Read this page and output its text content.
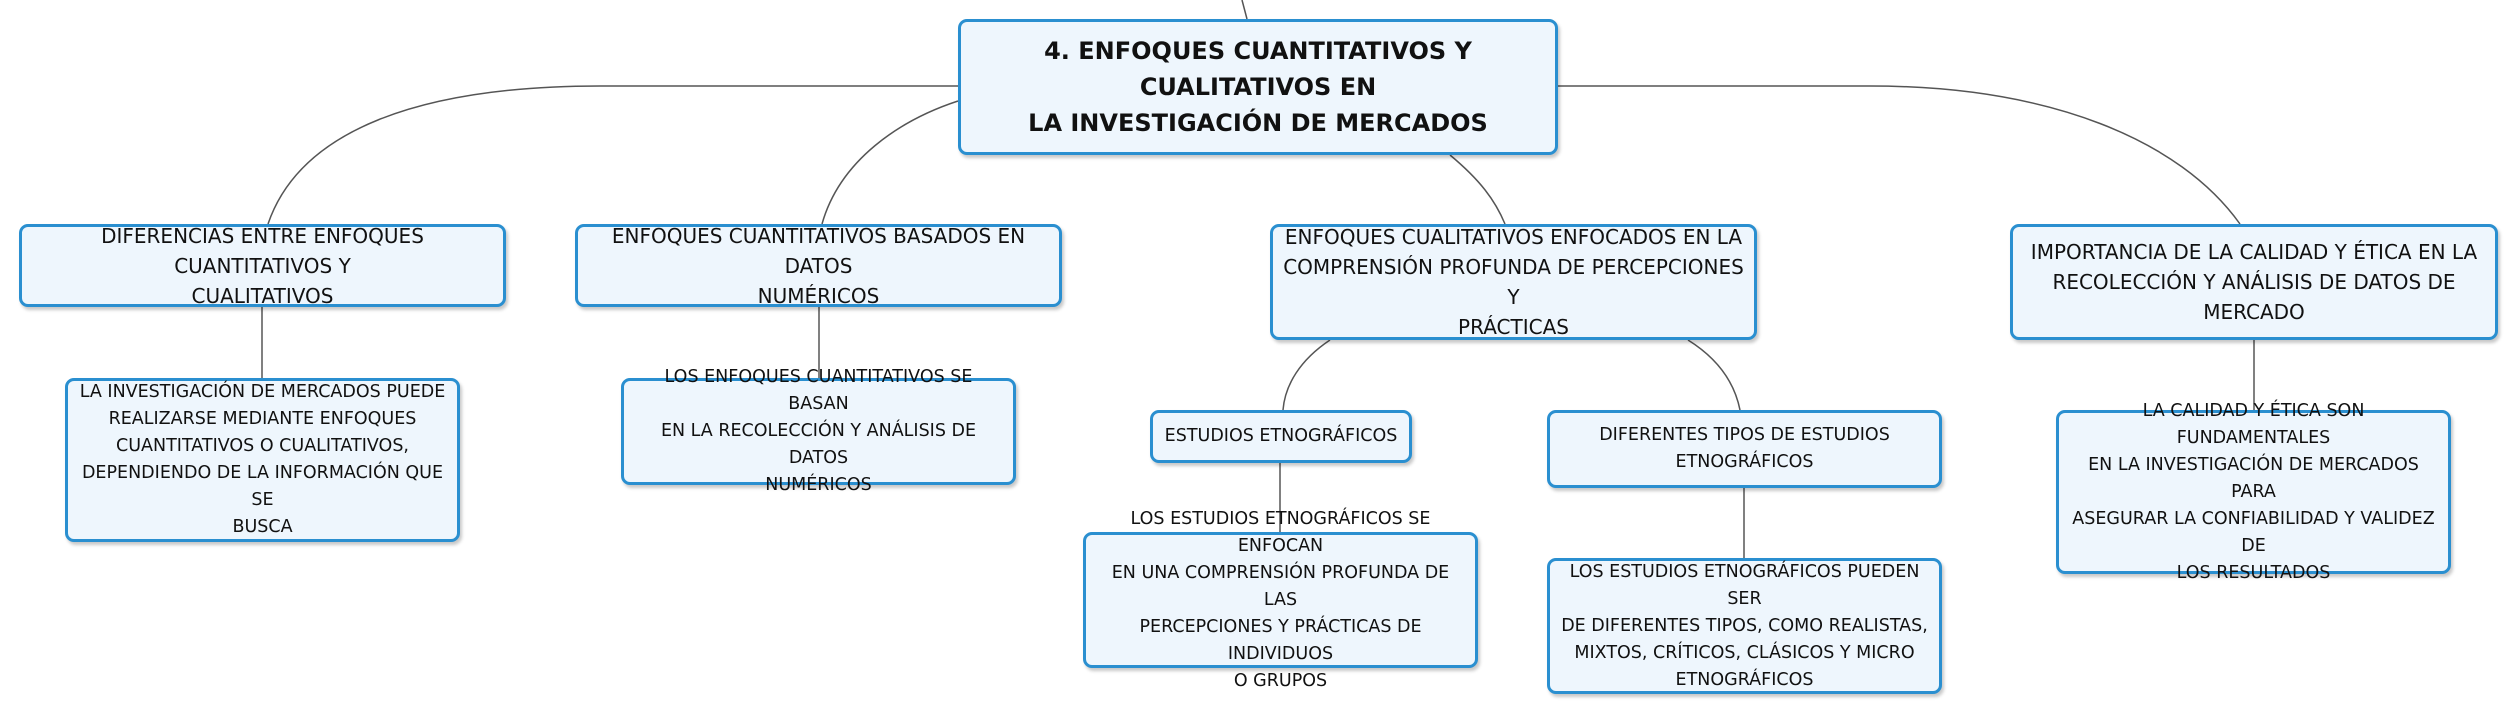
4. ENFOQUES CUANTITATIVOS Y CUALITATIVOS EN
LA INVESTIGACIÓN DE MERCADOS
DIFERENCIAS ENTRE ENFOQUES CUANTITATIVOS Y
CUALITATIVOS
LA INVESTIGACIÓN DE MERCADOS PUEDE
REALIZARSE MEDIANTE ENFOQUES
CUANTITATIVOS O CUALITATIVOS,
DEPENDIENDO DE LA INFORMACIÓN QUE SE
BUSCA
ENFOQUES CUANTITATIVOS BASADOS EN DATOS
NUMÉRICOS
LOS ENFOQUES CUANTITATIVOS SE BASAN
EN LA RECOLECCIÓN Y ANÁLISIS DE DATOS
NUMÉRICOS
ENFOQUES CUALITATIVOS ENFOCADOS EN LA
COMPRENSIÓN PROFUNDA DE PERCEPCIONES Y
PRÁCTICAS
ESTUDIOS ETNOGRÁFICOS
LOS ESTUDIOS ETNOGRÁFICOS SE ENFOCAN
EN UNA COMPRENSIÓN PROFUNDA DE LAS
PERCEPCIONES Y PRÁCTICAS DE INDIVIDUOS
O GRUPOS
DIFERENTES TIPOS DE ESTUDIOS
ETNOGRÁFICOS
LOS ESTUDIOS ETNOGRÁFICOS PUEDEN SER
DE DIFERENTES TIPOS, COMO REALISTAS,
MIXTOS, CRÍTICOS, CLÁSICOS Y MICRO
ETNOGRÁFICOS
IMPORTANCIA DE LA CALIDAD Y ÉTICA EN LA
RECOLECCIÓN Y ANÁLISIS DE DATOS DE MERCADO
LA CALIDAD Y ÉTICA SON FUNDAMENTALES
EN LA INVESTIGACIÓN DE MERCADOS PARA
ASEGURAR LA CONFIABILIDAD Y VALIDEZ DE
LOS RESULTADOS
